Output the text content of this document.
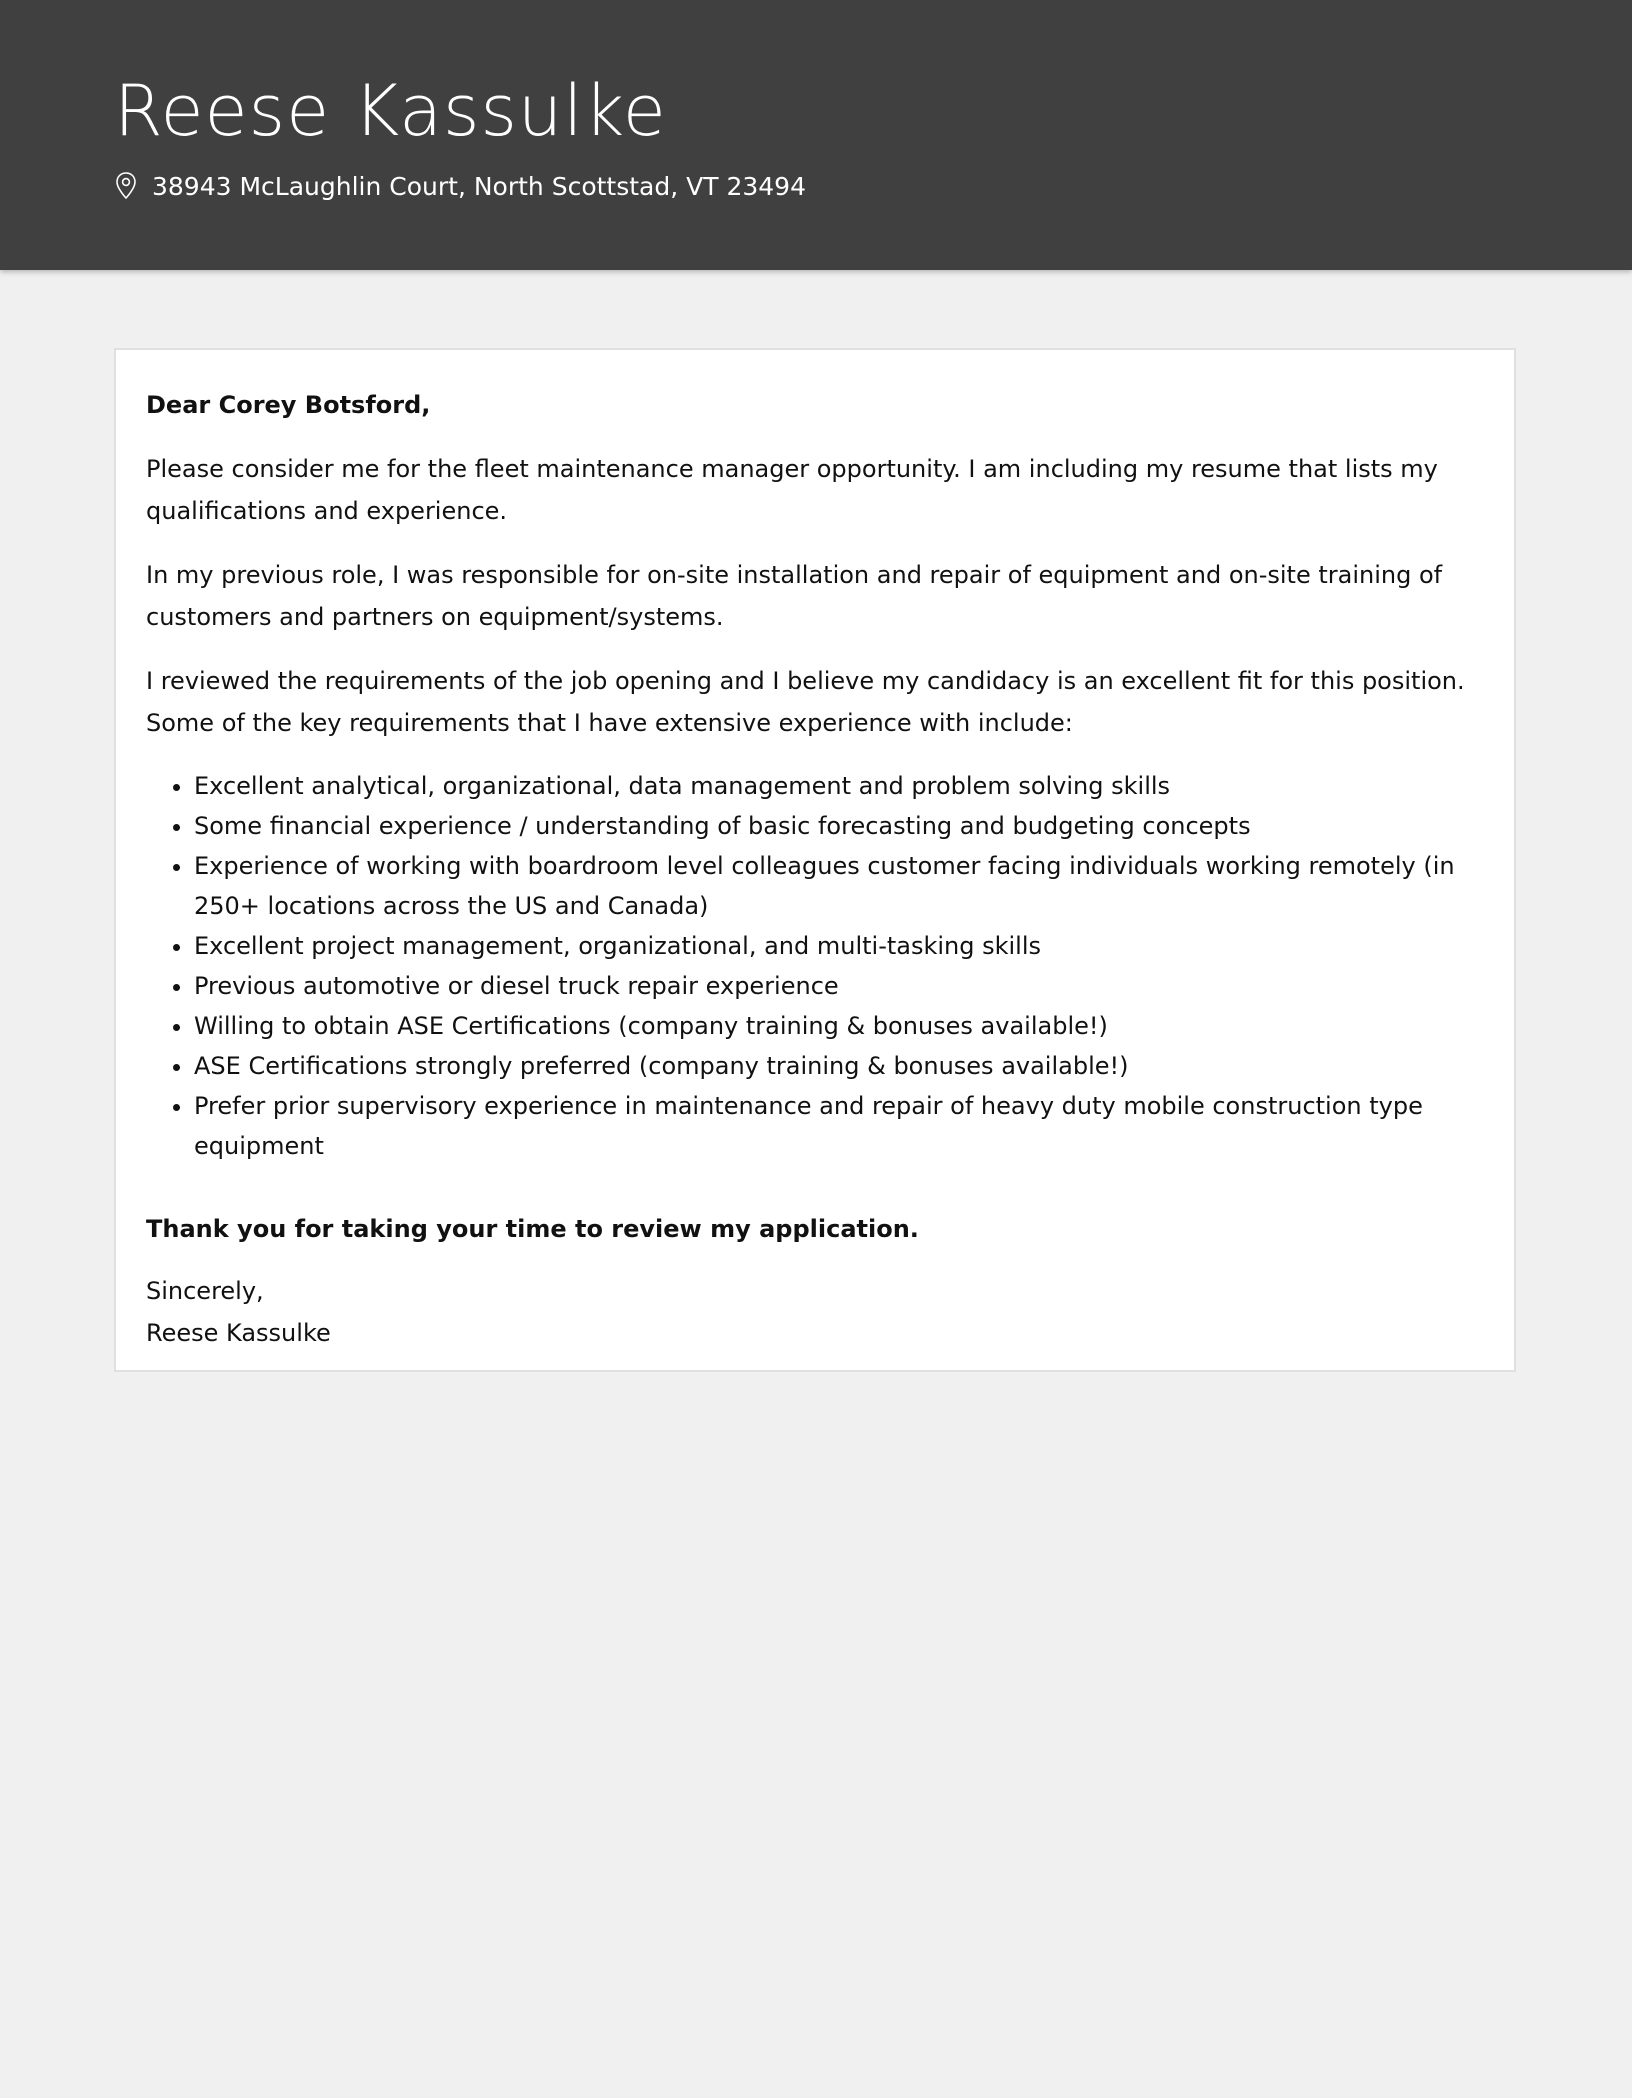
Reese Kassulke
38943 McLaughlin Court, North Scottstad, VT 23494

Dear Corey Botsford,

Please consider me for the fleet maintenance manager opportunity. I am including my resume that lists my qualifications and experience.

In my previous role, I was responsible for on-site installation and repair of equipment and on-site training of customers and partners on equipment/systems.

I reviewed the requirements of the job opening and I believe my candidacy is an excellent fit for this position. Some of the key requirements that I have extensive experience with include:

• Excellent analytical, organizational, data management and problem solving skills
• Some financial experience / understanding of basic forecasting and budgeting concepts
• Experience of working with boardroom level colleagues customer facing individuals working remotely (in 250+ locations across the US and Canada)
• Excellent project management, organizational, and multi-tasking skills
• Previous automotive or diesel truck repair experience
• Willing to obtain ASE Certifications (company training & bonuses available!)
• ASE Certifications strongly preferred (company training & bonuses available!)
• Prefer prior supervisory experience in maintenance and repair of heavy duty mobile construction type equipment

Thank you for taking your time to review my application.

Sincerely,

Reese Kassulke
